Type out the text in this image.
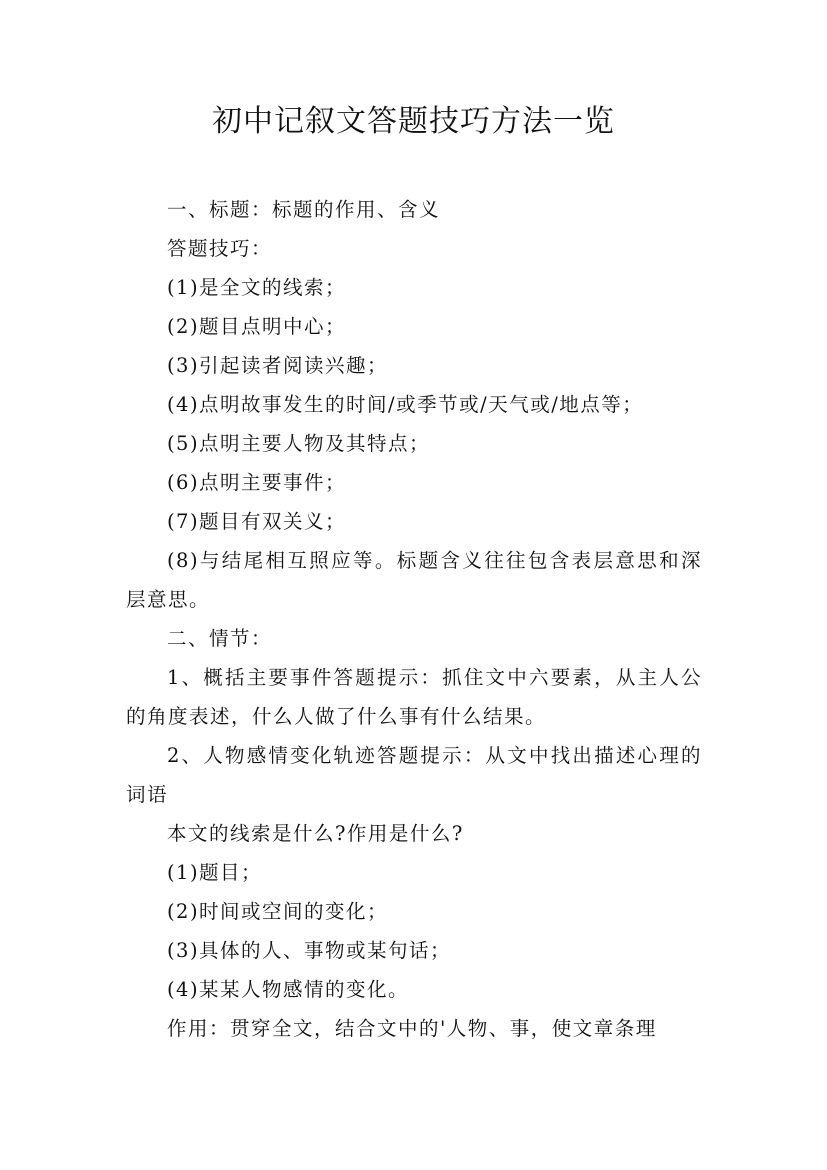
初中记叙文答题技巧方法一览

一、标题：标题的作用、含义

答题技巧：

(1)是全文的线索；

(2)题目点明中心；

(3)引起读者阅读兴趣；

(4)点明故事发生的时间/或季节或/天气或/地点等；

(5)点明主要人物及其特点；

(6)点明主要事件；

(7)题目有双关义；

(8)与结尾相互照应等。标题含义往往包含表层意思和深层意思。

二、情节：

1、概括主要事件答题提示：抓住文中六要素，从主人公的角度表述，什么人做了什么事有什么结果。

2、人物感情变化轨迹答题提示：从文中找出描述心理的词语

本文的线索是什么?作用是什么?

(1)题目；

(2)时间或空间的变化；

(3)具体的人、事物或某句话；

(4)某某人物感情的变化。

作用：贯穿全文，结合文中的'人物、事，使文章条理
